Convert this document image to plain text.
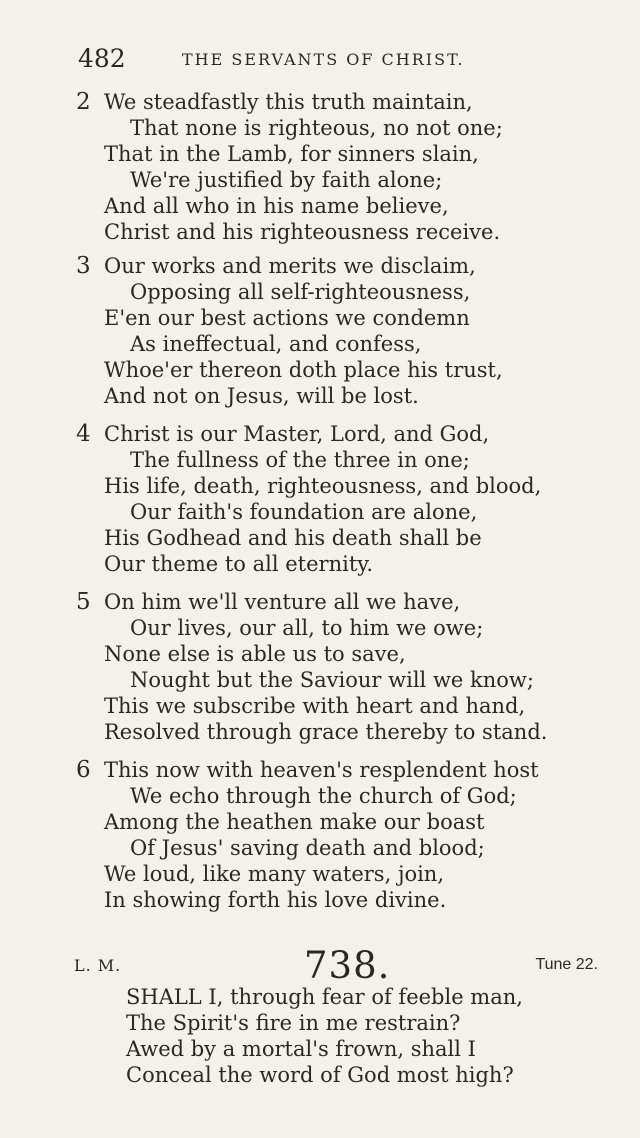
482	THE SERVANTS OF CHRIST.
2 We steadfastly this truth maintain,
That none is righteous, no not one;
That in the Lamb, for sinners slain,
We're justified by faith alone;
And all who in his name believe,
Christ and his righteousness receive.
3 Our works and merits we disclaim,
Opposing all self-righteousness,
E'en our best actions we condemn
As ineffectual, and confess,
Whoe'er thereon doth place his trust,
And not on Jesus, will be lost.
4 Christ is our Master, Lord, and God,
The fullness of the three in one;
His life, death, righteousness, and blood,
Our faith's foundation are alone,
His Godhead and his death shall be
Our theme to all eternity.
5 On him we'll venture all we have,
Our lives, our all, to him we owe;
None else is able us to save,
Nought but the Saviour will we know;
This we subscribe with heart and hand,
Resolved through grace thereby to stand.
6 This now with heaven's resplendent host
We echo through the church of God;
Among the heathen make our boast
Of Jesus' saving death and blood;
We loud, like many waters, join,
In showing forth his love divine.
L. M.	738.	Tune 22.
SHALL I, through fear of feeble man,
The Spirit's fire in me restrain?
Awed by a mortal's frown, shall I
Conceal the word of God most high?
